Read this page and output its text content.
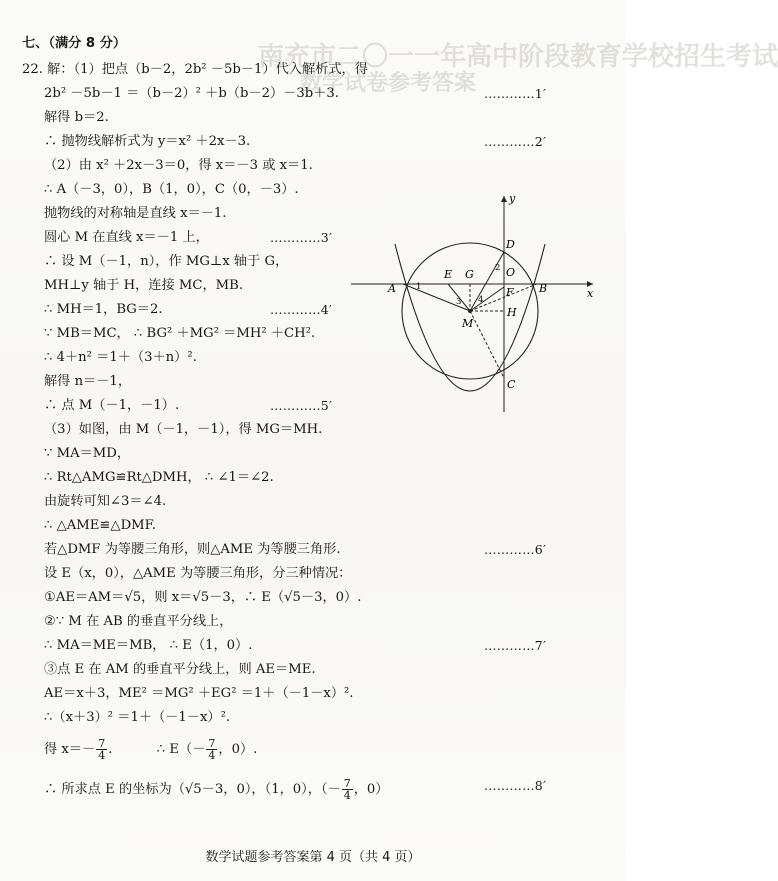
南充市二〇一一年高中阶段教育学校招生考试
数学试卷参考答案
七、（满分 8 分）
22. 解：（1）把点（b－2，2b² －5b－1）代入解析式，得
2b² －5b－1 ＝（b－2）² ＋b（b－2）－3b＋3.	…………1′
解得 b＝2.
∴ 抛物线解析式为 y＝x² ＋2x－3.	…………2′
（2）由 x² ＋2x－3＝0，得 x＝－3 或 x＝1.
∴ A（－3，0），B（1，0），C（0，－3）.
抛物线的对称轴是直线 x＝－1.
圆心 M 在直线 x＝－1 上，	…………3′
∴ 设 M（－1，n），作 MG⊥x 轴于 G，
MH⊥y 轴于 H，连接 MC，MB.
∴ MH＝1，BG＝2.	…………4′
∵ MB＝MC， ∴ BG² ＋MG² ＝MH² ＋CH².
∴ 4＋n² ＝1＋（3＋n）².
解得 n＝－1，
∴ 点 M（－1，－1）.	…………5′
（3）如图，由 M（－1，－1），得 MG＝MH.
∵ MA＝MD，
∴ Rt△AMG≌Rt△DMH， ∴ ∠1＝∠2.
由旋转可知∠3＝∠4.
∴ △AME≌△DMF.
若△DMF 为等腰三角形，则△AME 为等腰三角形.	…………6′
设 E（x，0），△AME 为等腰三角形，分三种情况：
①AE＝AM＝√5，则 x＝√5－3，∴ E（√5－3，0）.
②∵ M 在 AB 的垂直平分线上，
∴ MA＝ME＝MB， ∴ E（1，0）.	…………7′
③点 E 在 AM 的垂直平分线上，则 AE＝ME.
AE＝x＋3，ME² ＝MG² ＋EG² ＝1＋（－1－x）².
∴（x＋3）² ＝1＋（－1－x）².
得 $x=- \frac{7}{4}$ .	∴ $E(- \frac{7}{4}$ ，0）.
∴ 所求点 E 的坐标为（√5－3，0），（1，0），（－ $\frac{7}{4}$ ，0）	…………8′
y
x
D
O
A	B
C
E G
F
H
M
1
2
3 4
数学试题参考答案第 4 页（共 4 页）
